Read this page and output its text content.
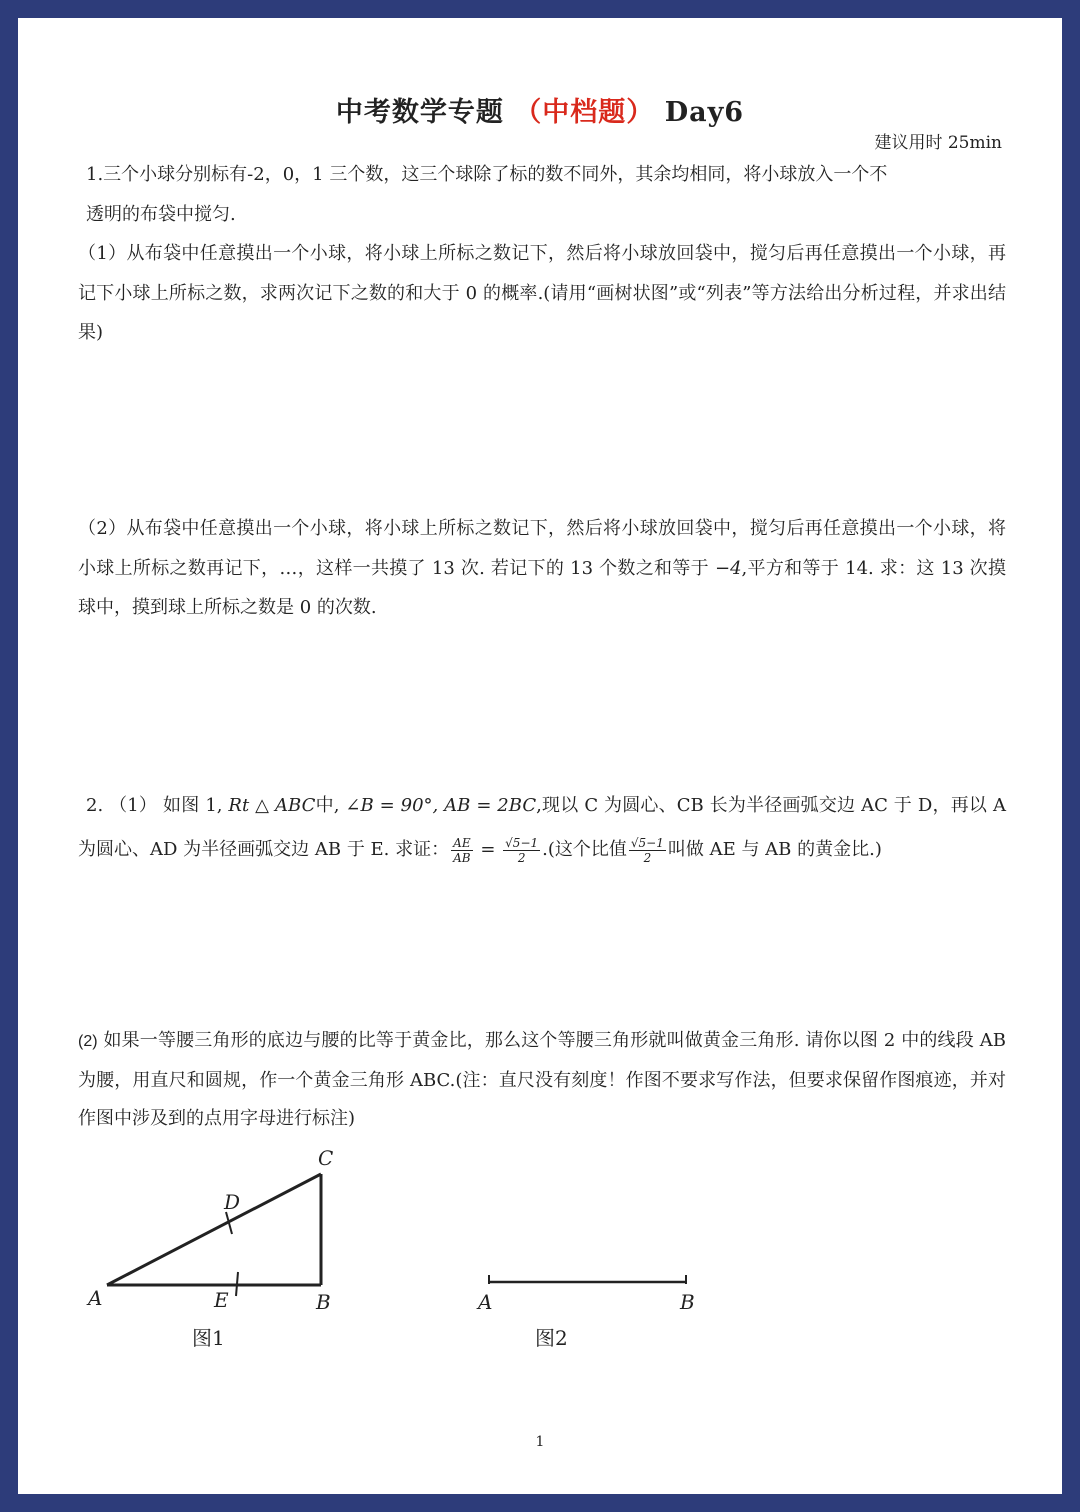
中考数学专题 （中档题） Day6
建议用时 25min
1.三个小球分别标有-2，0，1 三个数，这三个球除了标的数不同外，其余均相同，将小球放入一个不
透明的布袋中搅匀.
（1）从布袋中任意摸出一个小球，将小球上所标之数记下，然后将小球放回袋中，搅匀后再任意摸出一个小球，再记下小球上所标之数，求两次记下之数的和大于 0 的概率.(请用“画树状图”或“列表”等方法给出分析过程，并求出结果)
（2）从布袋中任意摸出一个小球，将小球上所标之数记下，然后将小球放回袋中，搅匀后再任意摸出一个小球，将小球上所标之数再记下，…，这样一共摸了 13 次. 若记下的 13 个数之和等于 −4,平方和等于 14. 求：这 13 次摸球中，摸到球上所标之数是 0 的次数.
2. （1） 如图 1, Rt △ ABC中, ∠B = 90°, AB = 2BC,现以 C 为圆心、CB 长为半径画弧交边 AC 于 D，再以 A 为圆心、AD 为半径画弧交边 AB 于 E. 求证： $\frac{AE}{AB} = \frac{√5-1}{2}$ .(这个比值 $\frac{√5-1}{2}$ 叫做 AE 与 AB 的黄金比.)
(2) 如果一等腰三角形的底边与腰的比等于黄金比，那么这个等腰三角形就叫做黄金三角形. 请你以图 2 中的线段 AB 为腰，用直尺和圆规，作一个黄金三角形 ABC.(注：直尺没有刻度！作图不要求写作法，但要求保留作图痕迹，并对作图中涉及到的点用字母进行标注)
C
D
A	E	B
图1
A	B
图2
1
